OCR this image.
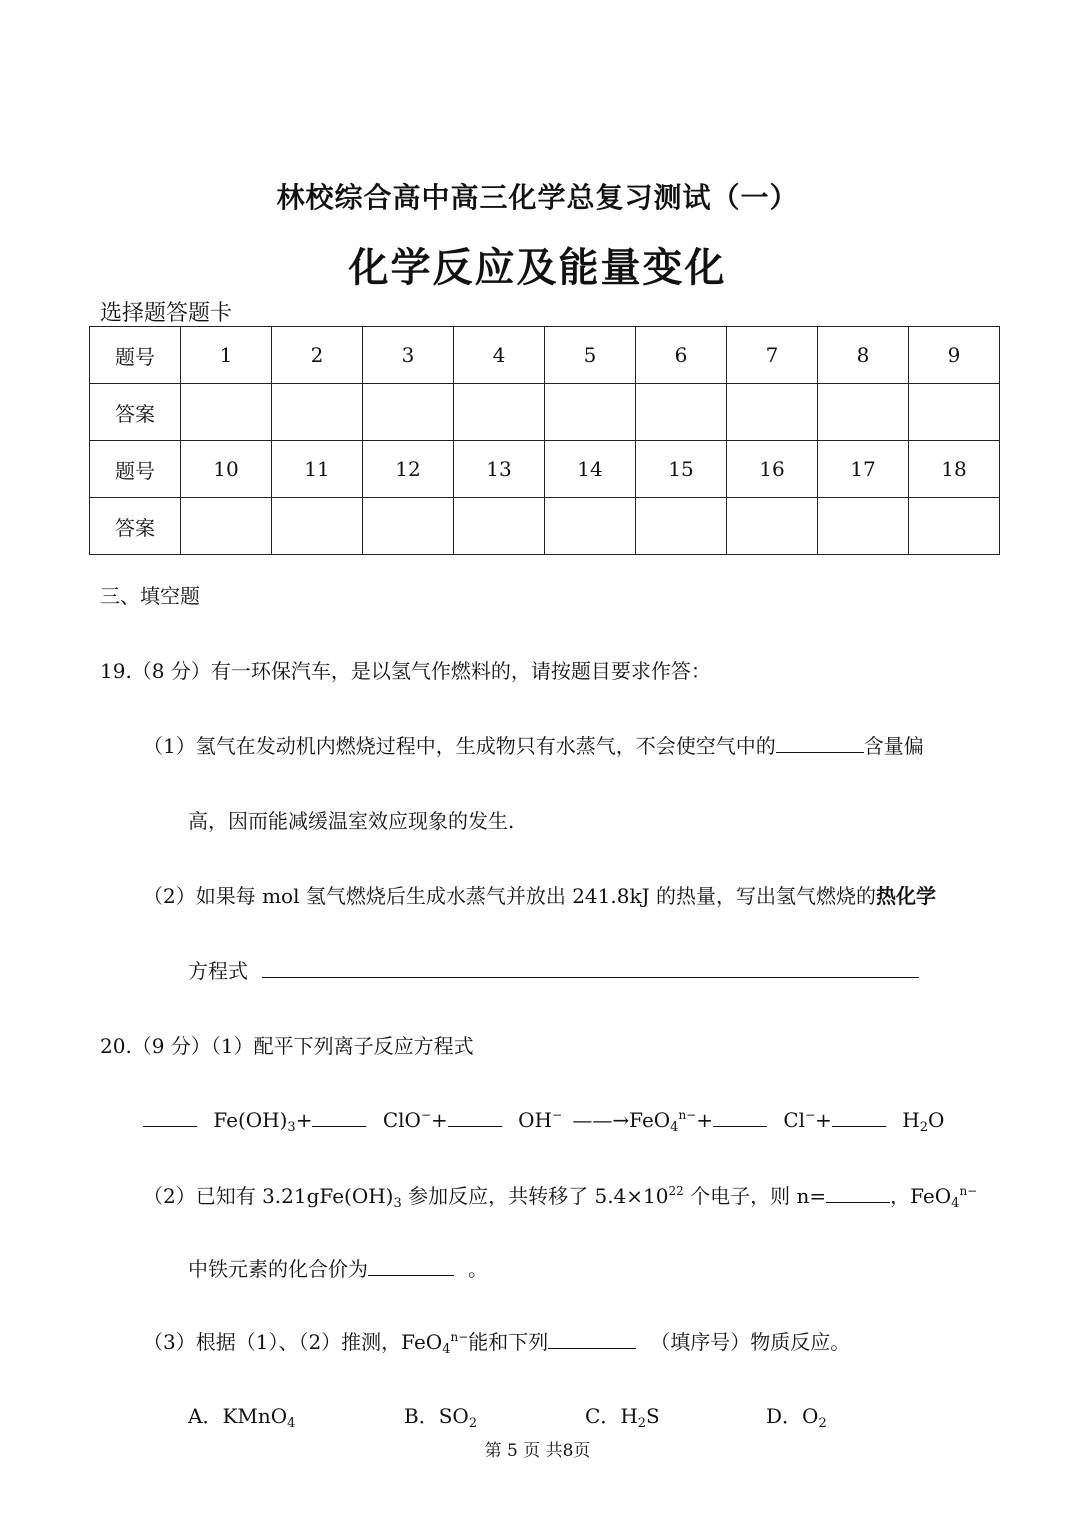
林校综合高中高三化学总复习测试（一）
化学反应及能量变化
选择题答题卡
题号	1	2	3	4	5	6	7	8	9
答案									
题号	10	11	12	13	14	15	16	17	18
答案									
三、填空题
19.（8 分）有一环保汽车，是以氢气作燃料的，请按题目要求作答：
（1）氢气在发动机内燃烧过程中，生成物只有水蒸气，不会使空气中的	含量偏
高，因而能减缓温室效应现象的发生.
（2）如果每 mol 氢气燃烧后生成水蒸气并放出 241.8kJ 的热量，写出氢气燃烧的热化学
方程式
20.（9 分）（1）配平下列离子反应方程式
$Fe(OH)_3+$	ClO−+	OH− ——→FeO$_4^{n-}$+	Cl−+	$H_2O$
（2）已知有 $3.21gFe(OH)_3$ 参加反应，共转移了 $5.4\times 10^{22}$ 个电子，则 n=	，FeO$_4^{n-}$
中铁元素的化合价为	。
（3）根据（1）、（2）推测，FeO$_4^{n-}$能和下列	（填序号）物质反应。
A．KMnO$_4$	B．$SO_2$	C．$H_2S$	D．$O_2$
第 5 页 共8页
